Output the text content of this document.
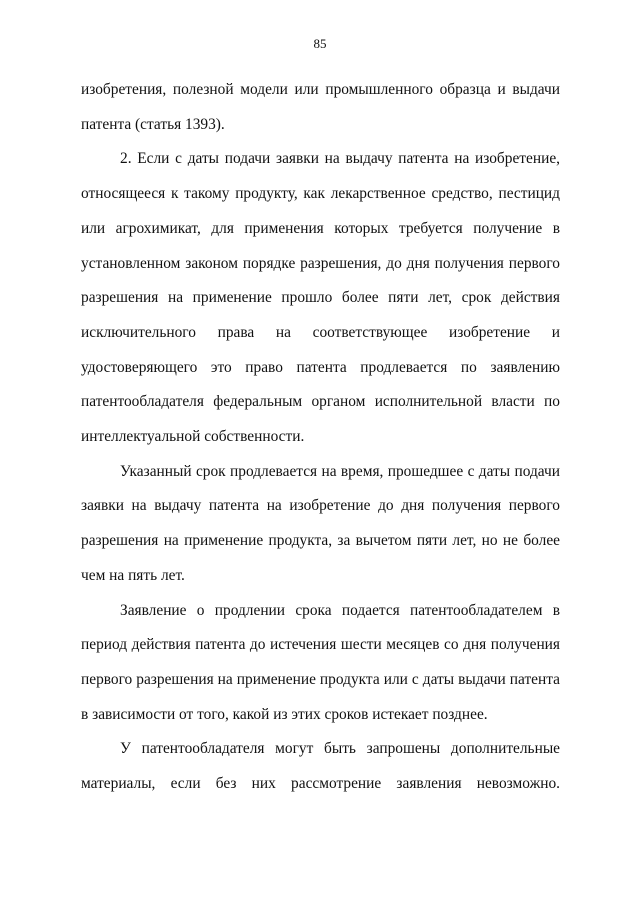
85

изобретения, полезной модели или промышленного образца и выдачи патента (статья 1393).

2. Если с даты подачи заявки на выдачу патента на изобретение, относящееся к такому продукту, как лекарственное средство, пестицид или агрохимикат, для применения которых требуется получение в установленном законом порядке разрешения, до дня получения первого разрешения на применение прошло более пяти лет, срок действия исключительного права на соответствующее изобретение и удостоверяющего это право патента продлевается по заявлению патентообладателя федеральным органом исполнительной власти по интеллектуальной собственности.

Указанный срок продлевается на время, прошедшее с даты подачи заявки на выдачу патента на изобретение до дня получения первого разрешения на применение продукта, за вычетом пяти лет, но не более чем на пять лет.

Заявление о продлении срока подается патентообладателем в период действия патента до истечения шести месяцев со дня получения первого разрешения на применение продукта или с даты выдачи патента в зависимости от того, какой из этих сроков истекает позднее.

У патентообладателя могут быть запрошены дополнительные материалы, если без них рассмотрение заявления невозможно.
